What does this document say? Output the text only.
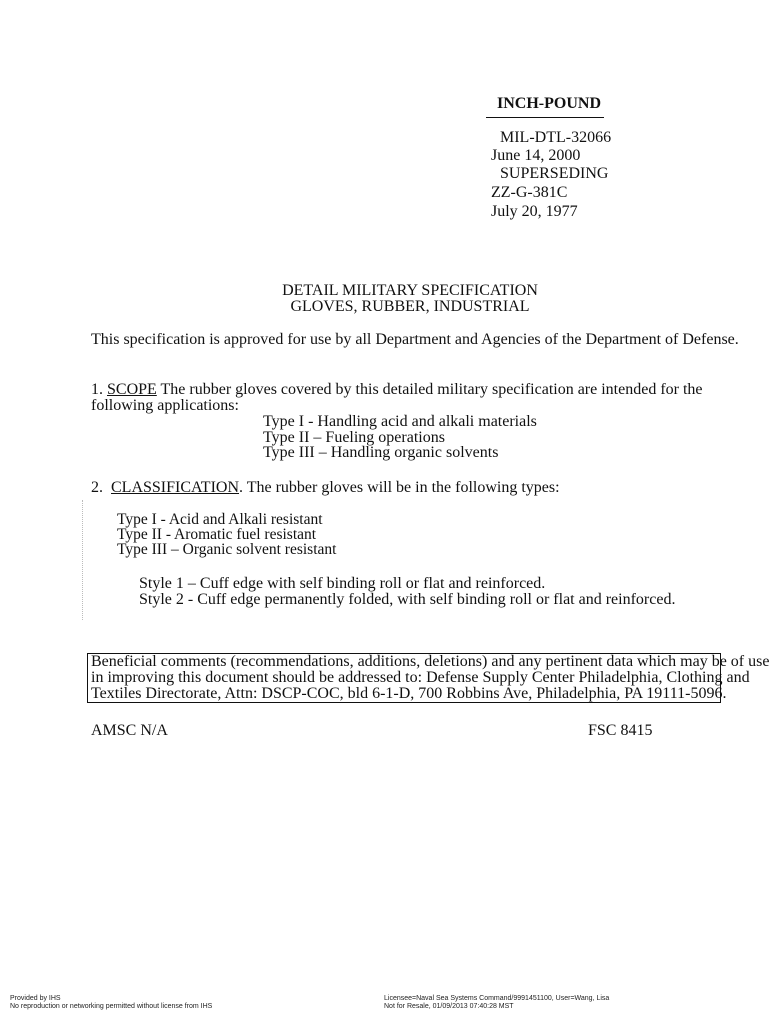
INCH-POUND
MIL-DTL-32066
June 14, 2000
SUPERSEDING
ZZ-G-381C
July 20, 1977
DETAIL MILITARY SPECIFICATION
GLOVES, RUBBER, INDUSTRIAL
This specification is approved for use by all Department and Agencies of the Department of Defense.
1. SCOPE The rubber gloves covered by this detailed military specification are intended for the
following applications:
Type I - Handling acid and alkali materials
Type II – Fueling operations
Type III – Handling organic solvents
2. CLASSIFICATION. The rubber gloves will be in the following types:
Type I - Acid and Alkali resistant
Type II - Aromatic fuel resistant
Type III – Organic solvent resistant
Style 1 – Cuff edge with self binding roll or flat and reinforced.
Style 2 - Cuff edge permanently folded, with self binding roll or flat and reinforced.
Beneficial comments (recommendations, additions, deletions) and any pertinent data which may be of use
in improving this document should be addressed to: Defense Supply Center Philadelphia, Clothing and
Textiles Directorate, Attn: DSCP-COC, bld 6-1-D, 700 Robbins Ave, Philadelphia, PA 19111-5096.
AMSC N/A	FSC 8415
Provided by IHS
No reproduction or networking permitted without license from IHS
Licensee=Naval Sea Systems Command/9991451100, User=Wang, Lisa
Not for Resale, 01/09/2013 07:40:28 MST
